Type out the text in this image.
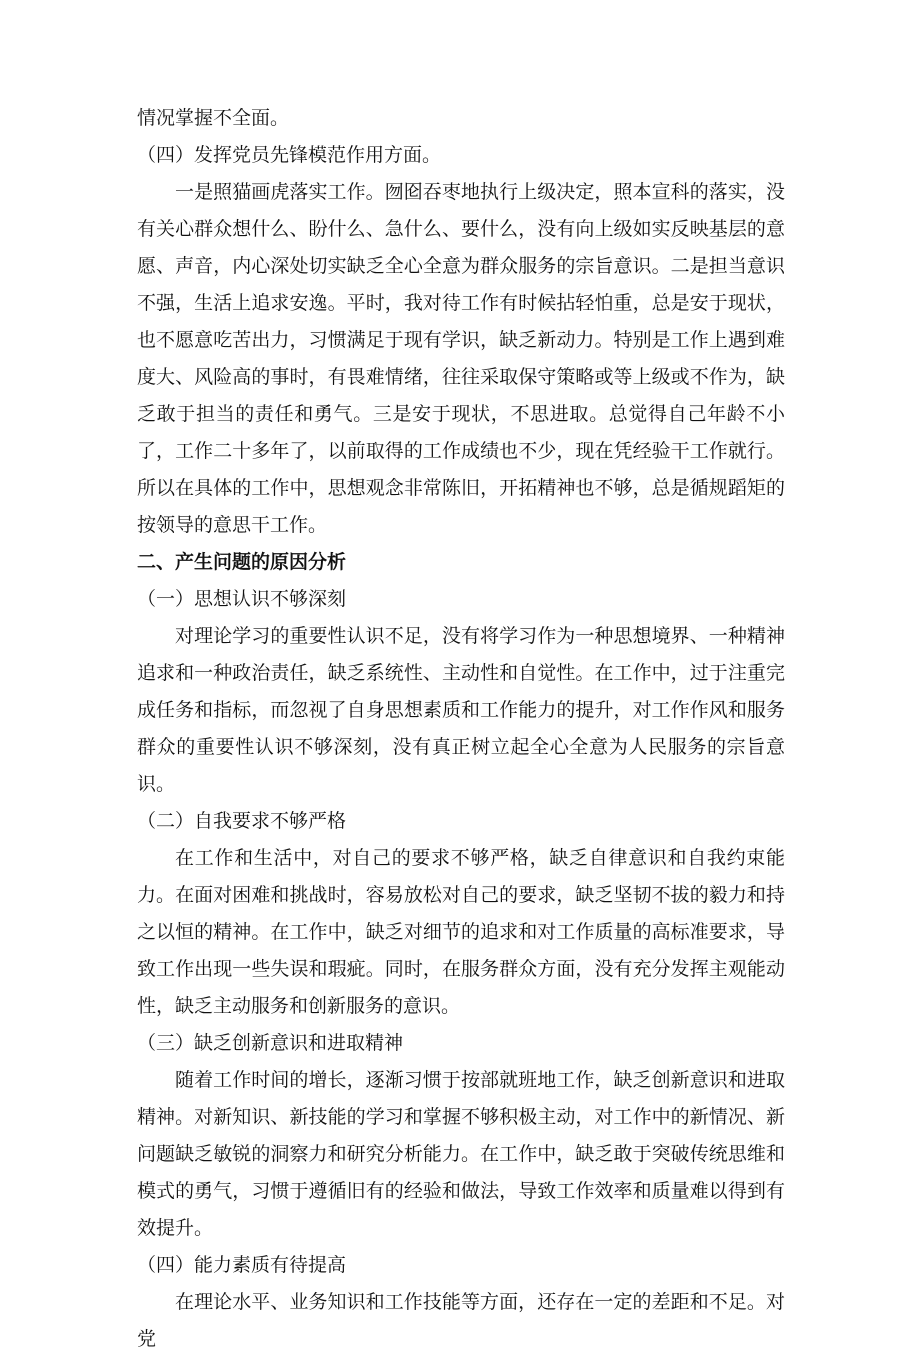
情况掌握不全面。

（四）发挥党员先锋模范作用方面。

一是照猫画虎落实工作。囫囵吞枣地执行上级决定，照本宣科的落实，没有关心群众想什么、盼什么、急什么、要什么，没有向上级如实反映基层的意愿、声音，内心深处切实缺乏全心全意为群众服务的宗旨意识。二是担当意识不强，生活上追求安逸。平时，我对待工作有时候拈轻怕重，总是安于现状，也不愿意吃苦出力，习惯满足于现有学识，缺乏新动力。特别是工作上遇到难度大、风险高的事时，有畏难情绪，往往采取保守策略或等上级或不作为，缺乏敢于担当的责任和勇气。三是安于现状，不思进取。总觉得自己年龄不小了，工作二十多年了，以前取得的工作成绩也不少，现在凭经验干工作就行。所以在具体的工作中，思想观念非常陈旧，开拓精神也不够，总是循规蹈矩的按领导的意思干工作。

二、产生问题的原因分析

（一）思想认识不够深刻

对理论学习的重要性认识不足，没有将学习作为一种思想境界、一种精神追求和一种政治责任，缺乏系统性、主动性和自觉性。在工作中，过于注重完成任务和指标，而忽视了自身思想素质和工作能力的提升，对工作作风和服务群众的重要性认识不够深刻，没有真正树立起全心全意为人民服务的宗旨意识。

（二）自我要求不够严格

在工作和生活中，对自己的要求不够严格，缺乏自律意识和自我约束能力。在面对困难和挑战时，容易放松对自己的要求，缺乏坚韧不拔的毅力和持之以恒的精神。在工作中，缺乏对细节的追求和对工作质量的高标准要求，导致工作出现一些失误和瑕疵。同时，在服务群众方面，没有充分发挥主观能动性，缺乏主动服务和创新服务的意识。

（三）缺乏创新意识和进取精神

随着工作时间的增长，逐渐习惯于按部就班地工作，缺乏创新意识和进取精神。对新知识、新技能的学习和掌握不够积极主动，对工作中的新情况、新问题缺乏敏锐的洞察力和研究分析能力。在工作中，缺乏敢于突破传统思维和模式的勇气，习惯于遵循旧有的经验和做法，导致工作效率和质量难以得到有效提升。

（四）能力素质有待提高

在理论水平、业务知识和工作技能等方面，还存在一定的差距和不足。对党
